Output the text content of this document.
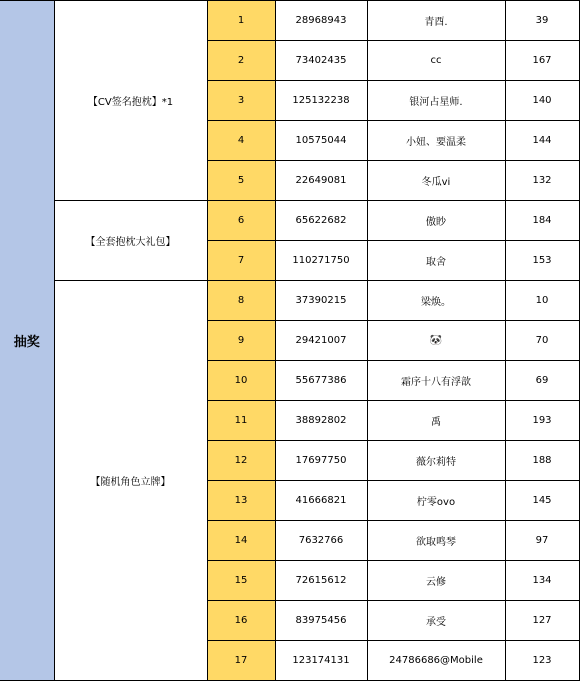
抽奖	【CV签名抱枕】*1	1	28968943	青酉.	39	
		2	73402435	cc	167	
		3	125132238	银河占星师.	140	
		4	10575044	小妞、要温柔	144	
		5	22649081	冬瓜vi	132	
	【全套抱枕大礼包】	6	65622682	傲眇	184	
		7	110271750	取舍	153	
	【随机角色立牌】	8	37390215	梁焕。	10	
		9	29421007	🐼	70	
		10	55677386	霜序十八有浮歆	69	
		11	38892802	禹	193	
		12	17697750	薇尔莉特	188	
		13	41666821	柠零ovo	145	
		14	7632766	欲取鸣琴	97	
		15	72615612	云修	134	
		16	83975456	承受	127	
		17	123174131	24786686@Mobile	123	
